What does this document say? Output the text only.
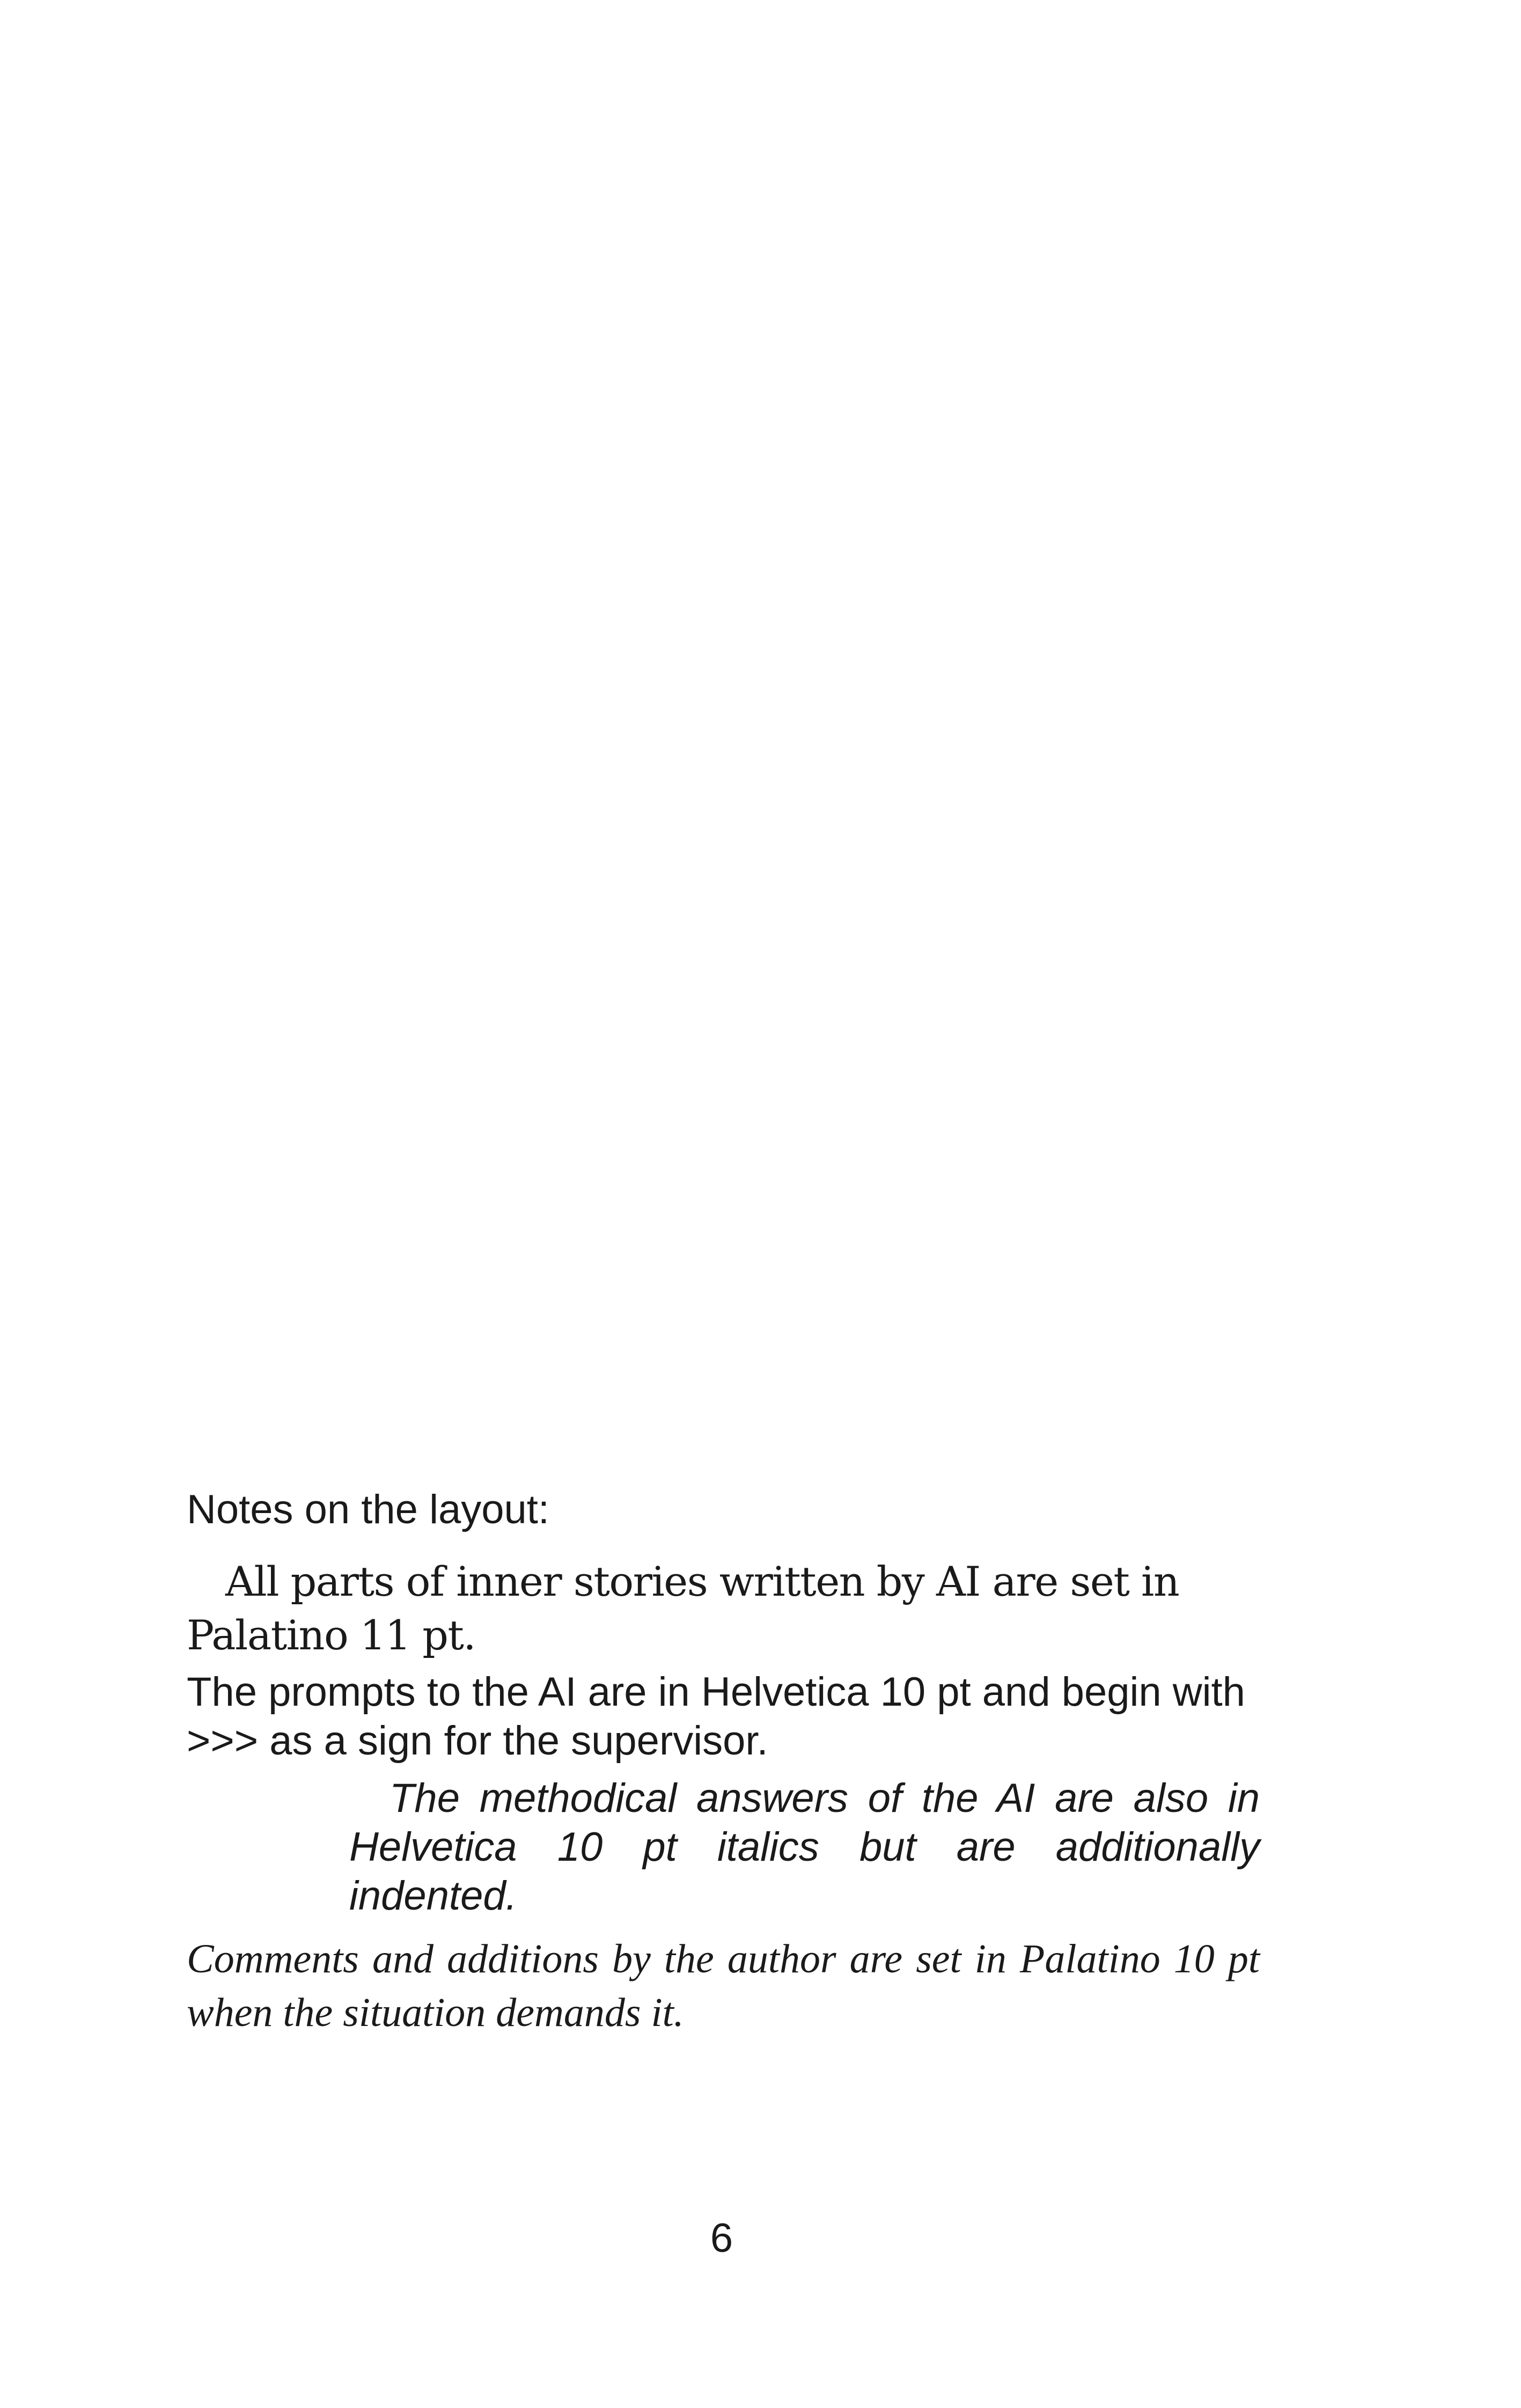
Notes on the layout:

All parts of inner stories written by AI are set in Palatino 11 pt.

The prompts to the AI are in Helvetica 10 pt and begin with >>> as a sign for the supervisor.

The methodical answers of the AI are also in Helvetica 10 pt italics but are additionally indented.

Comments and additions by the author are set in Palatino 10 pt when the situation demands it.

6
